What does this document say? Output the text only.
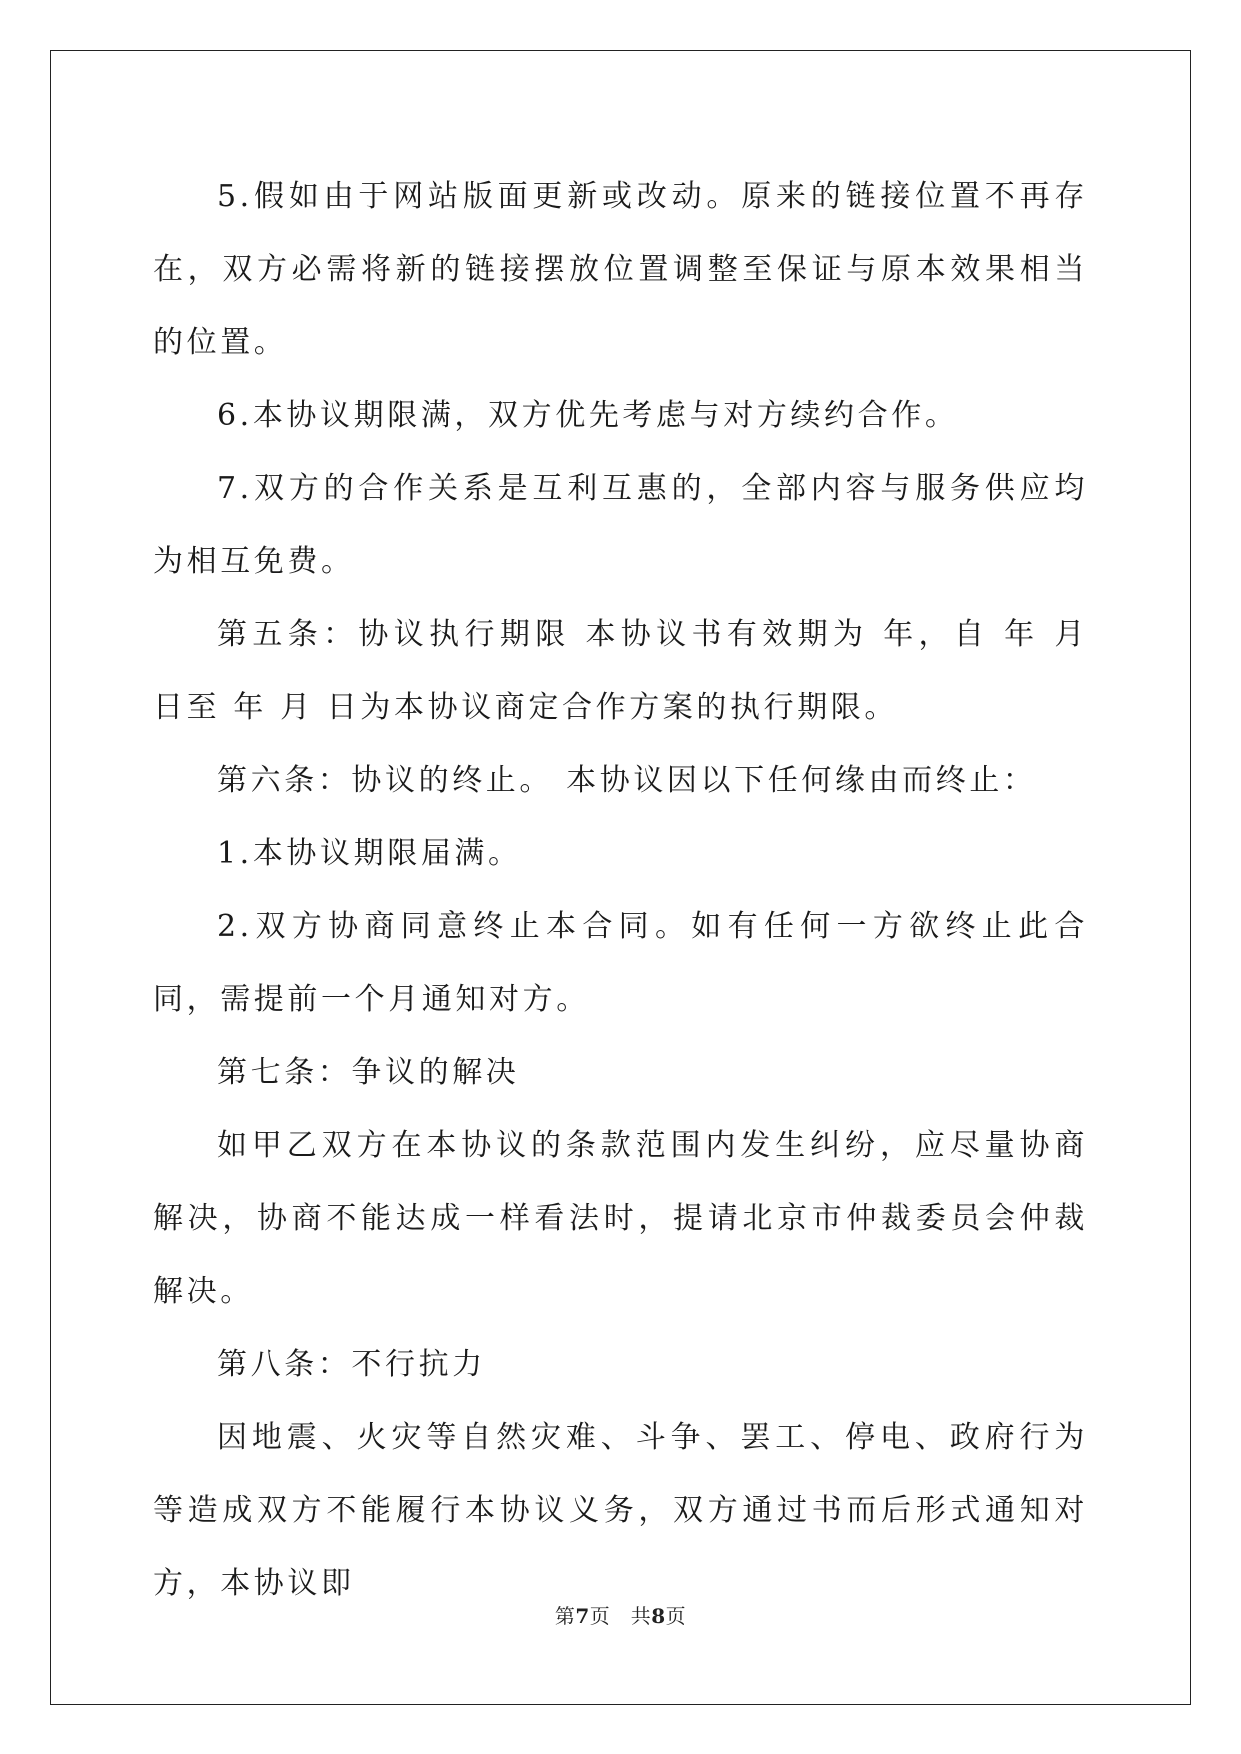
5.假如由于网站版面更新或改动。原来的链接位置不再存在，双方必需将新的链接摆放位置调整至保证与原本效果相当的位置。

6.本协议期限满，双方优先考虑与对方续约合作。

7.双方的合作关系是互利互惠的，全部内容与服务供应均为相互免费。

第五条：协议执行期限 本协议书有效期为 年，自 年 月 日至 年 月 日为本协议商定合作方案的执行期限。

第六条：协议的终止。 本协议因以下任何缘由而终止：

1.本协议期限届满。

2.双方协商同意终止本合同。如有任何一方欲终止此合同，需提前一个月通知对方。

第七条：争议的解决

如甲乙双方在本协议的条款范围内发生纠纷，应尽量协商解决，协商不能达成一样看法时，提请北京市仲裁委员会仲裁解决。

第八条：不行抗力

因地震、火灾等自然灾难、斗争、罢工、停电、政府行为等造成双方不能履行本协议义务，双方通过书而后形式通知对方，本协议即

第7页　共8页
